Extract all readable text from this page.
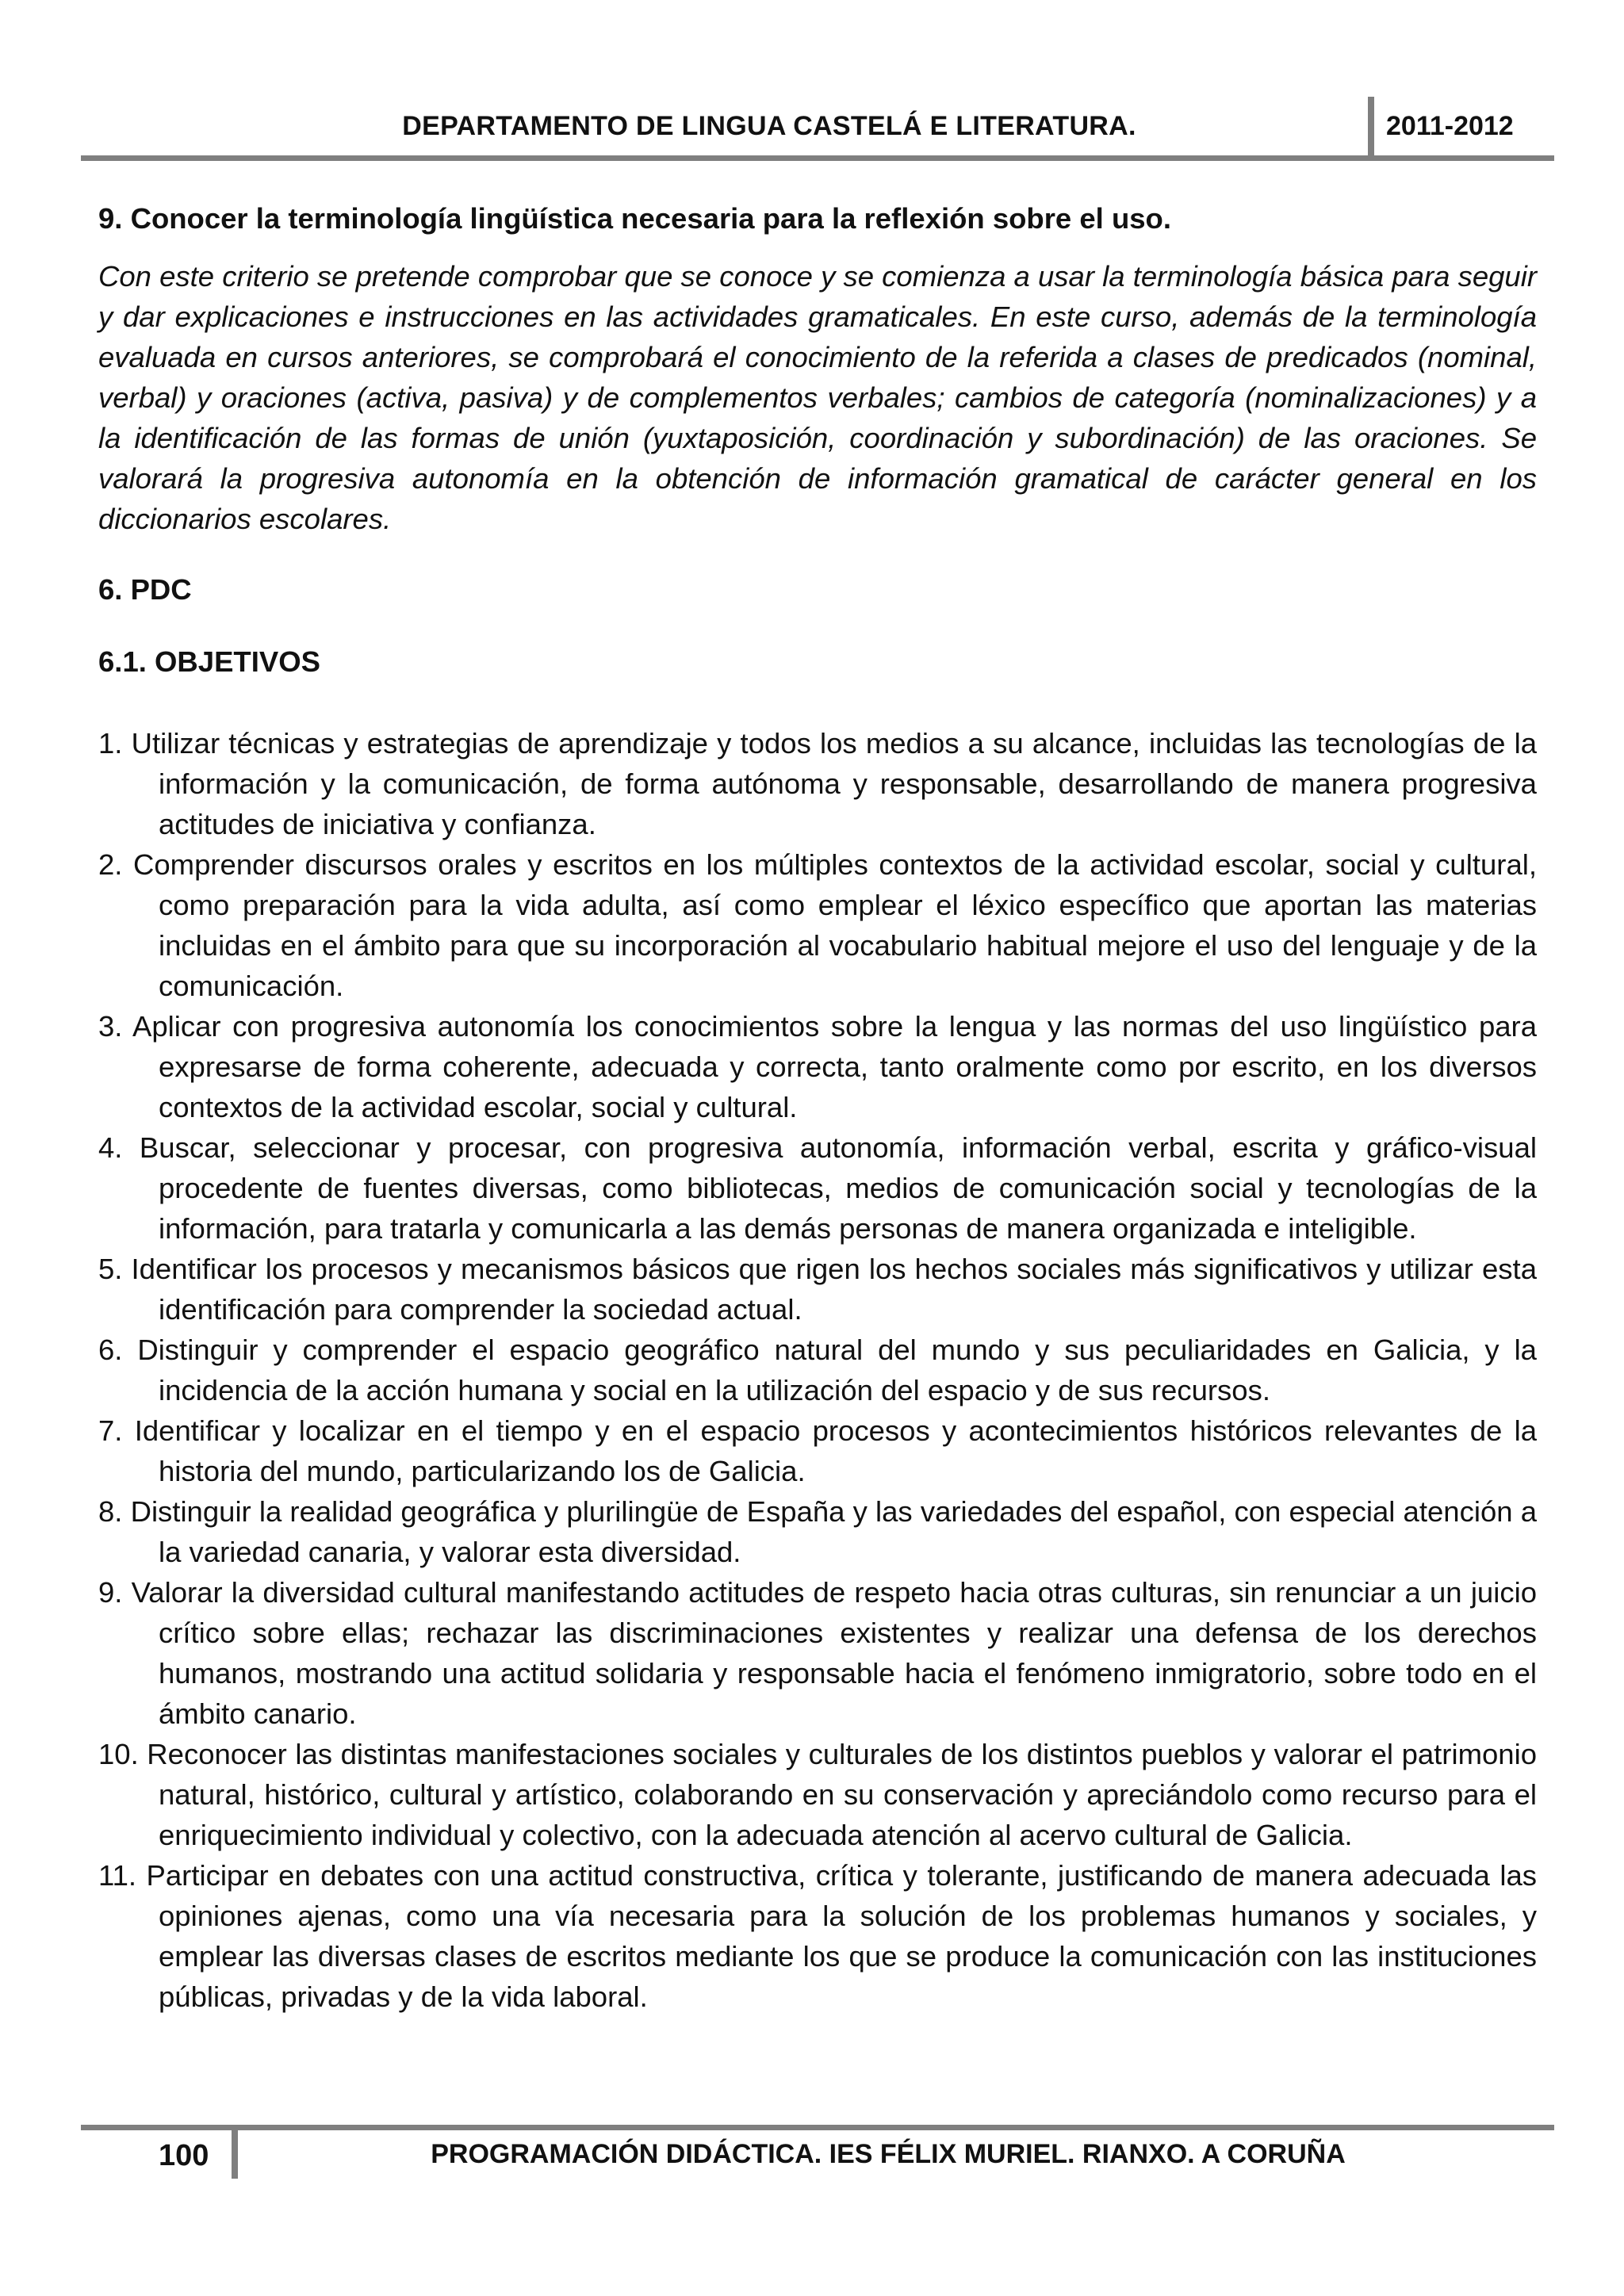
DEPARTAMENTO DE LINGUA CASTELÁ E LITERATURA.	2011-2012

9. Conocer la terminología lingüística necesaria para la reflexión sobre el uso.

Con este criterio se pretende comprobar que se conoce y se comienza a usar la terminología básica para seguir y dar explicaciones e instrucciones en las actividades gramaticales. En este curso, además de la terminología evaluada en cursos anteriores, se comprobará el conocimiento de la referida a clases de predicados (nominal, verbal) y oraciones (activa, pasiva) y de complementos verbales; cambios de categoría (nominalizaciones) y a la identificación de las formas de unión (yuxtaposición, coordinación y subordinación) de las oraciones. Se valorará la progresiva autonomía en la obtención de información gramatical de carácter general en los diccionarios escolares.

6. PDC

6.1. OBJETIVOS

1. Utilizar técnicas y estrategias de aprendizaje y todos los medios a su alcance, incluidas las tecnologías de la información y la comunicación, de forma autónoma y responsable, desarrollando de manera progresiva actitudes de iniciativa y confianza.
2. Comprender discursos orales y escritos en los múltiples contextos de la actividad escolar, social y cultural, como preparación para la vida adulta, así como emplear el léxico específico que aportan las materias incluidas en el ámbito para que su incorporación al vocabulario habitual mejore el uso del lenguaje y de la comunicación.
3. Aplicar con progresiva autonomía los conocimientos sobre la lengua y las normas del uso lingüístico para expresarse de forma coherente, adecuada y correcta, tanto oralmente como por escrito, en los diversos contextos de la actividad escolar, social y cultural.
4. Buscar, seleccionar y procesar, con progresiva autonomía, información verbal, escrita y gráfico-visual procedente de fuentes diversas, como bibliotecas, medios de comunicación social y tecnologías de la información, para tratarla y comunicarla a las demás personas de manera organizada e inteligible.
5. Identificar los procesos y mecanismos básicos que rigen los hechos sociales más significativos y utilizar esta identificación para comprender la sociedad actual.
6. Distinguir y comprender el espacio geográfico natural del mundo y sus peculiaridades en Galicia, y la incidencia de la acción humana y social en la utilización del espacio y de sus recursos.
7. Identificar y localizar en el tiempo y en el espacio procesos y acontecimientos históricos relevantes de la historia del mundo, particularizando los de Galicia.
8. Distinguir la realidad geográfica y plurilingüe de España y las variedades del español, con especial atención a la variedad canaria, y valorar esta diversidad.
9. Valorar la diversidad cultural manifestando actitudes de respeto hacia otras culturas, sin renunciar a un juicio crítico sobre ellas; rechazar las discriminaciones existentes y realizar una defensa de los derechos humanos, mostrando una actitud solidaria y responsable hacia el fenómeno inmigratorio, sobre todo en el ámbito canario.
10. Reconocer las distintas manifestaciones sociales y culturales de los distintos pueblos y valorar el patrimonio natural, histórico, cultural y artístico, colaborando en su conservación y apreciándolo como recurso para el enriquecimiento individual y colectivo, con la adecuada atención al acervo cultural de Galicia.
11. Participar en debates con una actitud constructiva, crítica y tolerante, justificando de manera adecuada las opiniones ajenas, como una vía necesaria para la solución de los problemas humanos y sociales, y emplear las diversas clases de escritos mediante los que se produce la comunicación con las instituciones públicas, privadas y de la vida laboral.
100	PROGRAMACIÓN DIDÁCTICA. IES FÉLIX MURIEL. RIANXO. A CORUÑA
